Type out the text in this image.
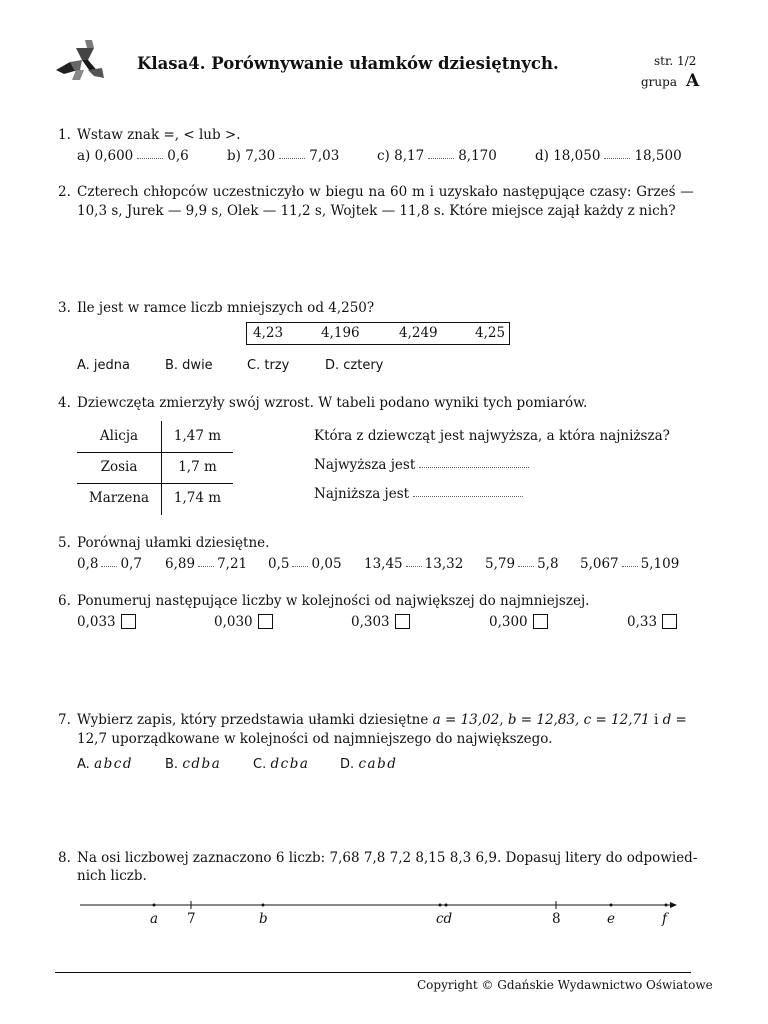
Klasa4. Porównywanie ułamków dziesiętnych.	str. 1/2
grupa A
1. Wstaw znak =, < lub >.
a) 0,600	0,6	b) 7,30	7,03	c) 8,17	8,170	d) 18,050	18,500
2. Czterech chłopców uczestniczyło w biegu na 60 m i uzyskało następujące czasy: Grześ —
10,3 s, Jurek — 9,9 s, Olek — 11,2 s, Wojtek — 11,8 s. Które miejsce zajął każdy z nich?
3. Ile jest w ramce liczb mniejszych od 4,250?
4,23	4,196	4,249	4,25
A. jedna	B. dwie	C. trzy	D. cztery
4. Dziewczęta zmierzyły swój wzrost. W tabeli podano wyniki tych pomiarów.
Alicja	1,47 m
Zosia	1,7 m
Marzena	1,74 m
Która z dziewcząt jest najwyższa, a która najniższa?
Najwyższa jest
Najniższa jest
5. Porównaj ułamki dziesiętne.
0,8 0,7 6,89 7,21 0,5 0,05 13,45 13,32 5,79 5,8 5,067 5,109
6. Ponumeruj następujące liczby w kolejności od największej do najmniejszej.
0,033	0,030	0,303	0,300	0,33
7. Wybierz zapis, który przedstawia ułamki dziesiętne a = 13,02, b = 12,83, c = 12,71 i d =
12,7 uporządkowane w kolejności od najmniejszego do największego.
A. abcd B. cdba C. dcba D. cabd
8. Na osi liczbowej zaznaczono 6 liczb: 7,68 7,8 7,2 8,15 8,3 6,9. Dopasuj litery do odpowied-
nich liczb.
a 7	b	cd	8	e	f
Copyright © Gdańskie Wydawnictwo Oświatowe
